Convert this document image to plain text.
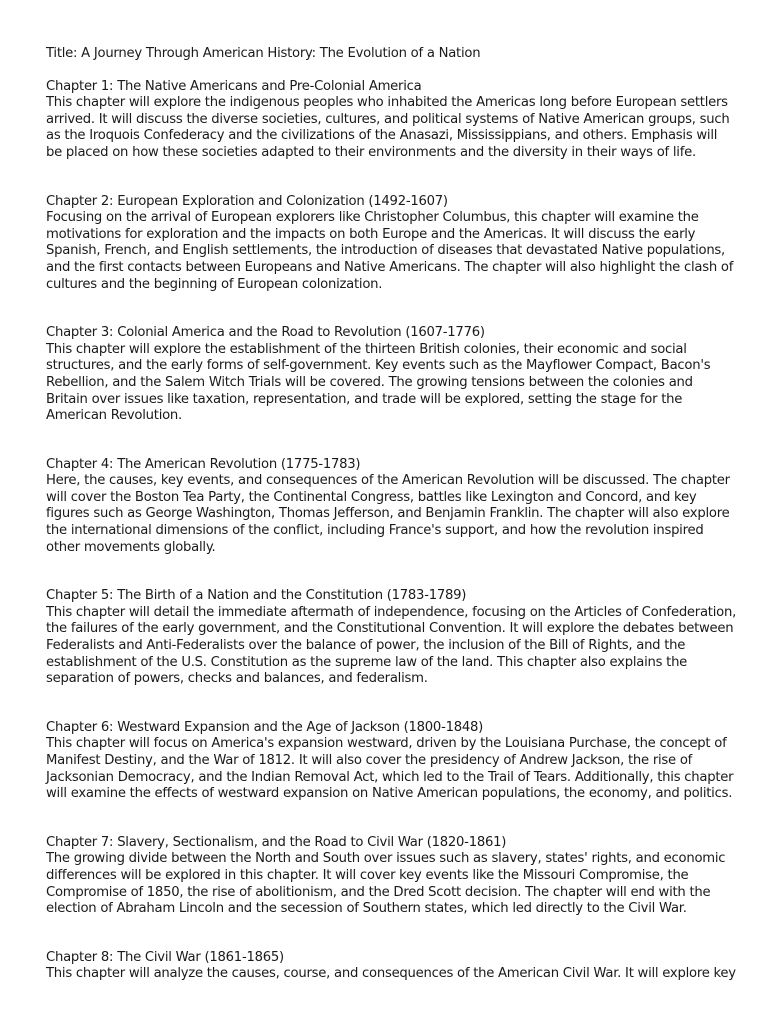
Title: A Journey Through American History: The Evolution of a Nation

Chapter 1: The Native Americans and Pre-Colonial America

This chapter will explore the indigenous peoples who inhabited the Americas long before European settlers arrived. It will discuss the diverse societies, cultures, and political systems of Native American groups, such as the Iroquois Confederacy and the civilizations of the Anasazi, Mississippians, and others. Emphasis will be placed on how these societies adapted to their environments and the diversity in their ways of life.

Chapter 2: European Exploration and Colonization (1492-1607)

Focusing on the arrival of European explorers like Christopher Columbus, this chapter will examine the motivations for exploration and the impacts on both Europe and the Americas. It will discuss the early Spanish, French, and English settlements, the introduction of diseases that devastated Native populations, and the first contacts between Europeans and Native Americans. The chapter will also highlight the clash of cultures and the beginning of European colonization.

Chapter 3: Colonial America and the Road to Revolution (1607-1776)

This chapter will explore the establishment of the thirteen British colonies, their economic and social structures, and the early forms of self-government. Key events such as the Mayflower Compact, Bacon's Rebellion, and the Salem Witch Trials will be covered. The growing tensions between the colonies and Britain over issues like taxation, representation, and trade will be explored, setting the stage for the American Revolution.

Chapter 4: The American Revolution (1775-1783)

Here, the causes, key events, and consequences of the American Revolution will be discussed. The chapter will cover the Boston Tea Party, the Continental Congress, battles like Lexington and Concord, and key figures such as George Washington, Thomas Jefferson, and Benjamin Franklin. The chapter will also explore the international dimensions of the conflict, including France's support, and how the revolution inspired other movements globally.

Chapter 5: The Birth of a Nation and the Constitution (1783-1789)

This chapter will detail the immediate aftermath of independence, focusing on the Articles of Confederation, the failures of the early government, and the Constitutional Convention. It will explore the debates between Federalists and Anti-Federalists over the balance of power, the inclusion of the Bill of Rights, and the establishment of the U.S. Constitution as the supreme law of the land. This chapter also explains the separation of powers, checks and balances, and federalism.

Chapter 6: Westward Expansion and the Age of Jackson (1800-1848)

This chapter will focus on America's expansion westward, driven by the Louisiana Purchase, the concept of Manifest Destiny, and the War of 1812. It will also cover the presidency of Andrew Jackson, the rise of Jacksonian Democracy, and the Indian Removal Act, which led to the Trail of Tears. Additionally, this chapter will examine the effects of westward expansion on Native American populations, the economy, and politics.

Chapter 7: Slavery, Sectionalism, and the Road to Civil War (1820-1861)

The growing divide between the North and South over issues such as slavery, states' rights, and economic differences will be explored in this chapter. It will cover key events like the Missouri Compromise, the Compromise of 1850, the rise of abolitionism, and the Dred Scott decision. The chapter will end with the election of Abraham Lincoln and the secession of Southern states, which led directly to the Civil War.

Chapter 8: The Civil War (1861-1865)

This chapter will analyze the causes, course, and consequences of the American Civil War. It will explore key
